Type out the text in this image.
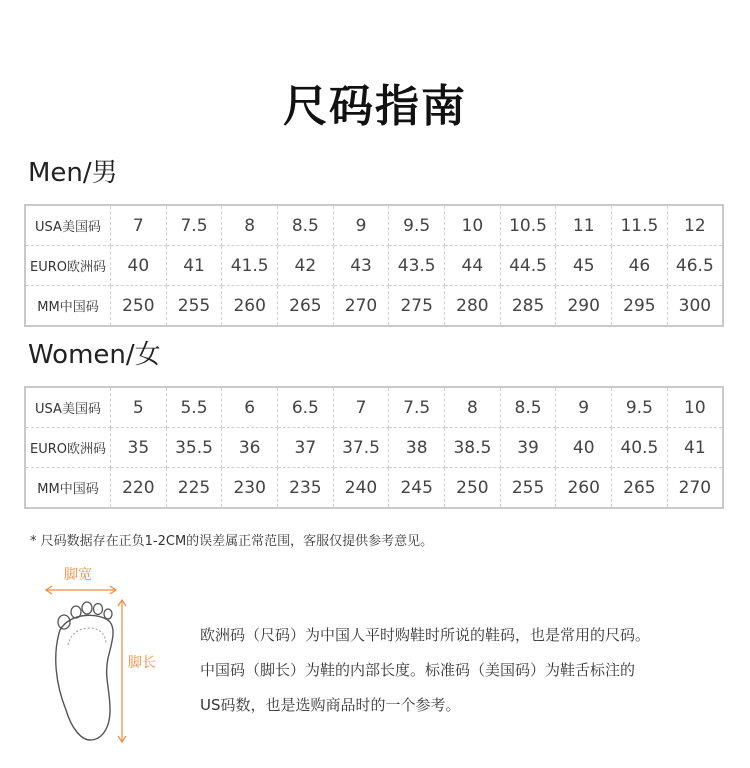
尺码指南
Men/男
USA美国码	7	7.5	8	8.5	9	9.5	10	10.5	11	11.5	12
EURO欧洲码	40	41	41.5	42	43	43.5	44	44.5	45	46	46.5
MM中国码	250	255	260	265	270	275	280	285	290	295	300
Women/女
USA美国码	5	5.5	6	6.5	7	7.5	8	8.5	9	9.5	10
EURO欧洲码	35	35.5	36	37	37.5	38	38.5	39	40	40.5	41
MM中国码	220	225	230	235	240	245	250	255	260	265	270
* 尺码数据存在正负1-2CM的误差属正常范围，客服仅提供参考意见。
脚宽
脚长

欧洲码（尺码）为中国人平时购鞋时所说的鞋码，也是常用的尺码。

中国码（脚长）为鞋的内部长度。标准码（美国码）为鞋舌标注的

US码数，也是选购商品时的一个参考。
